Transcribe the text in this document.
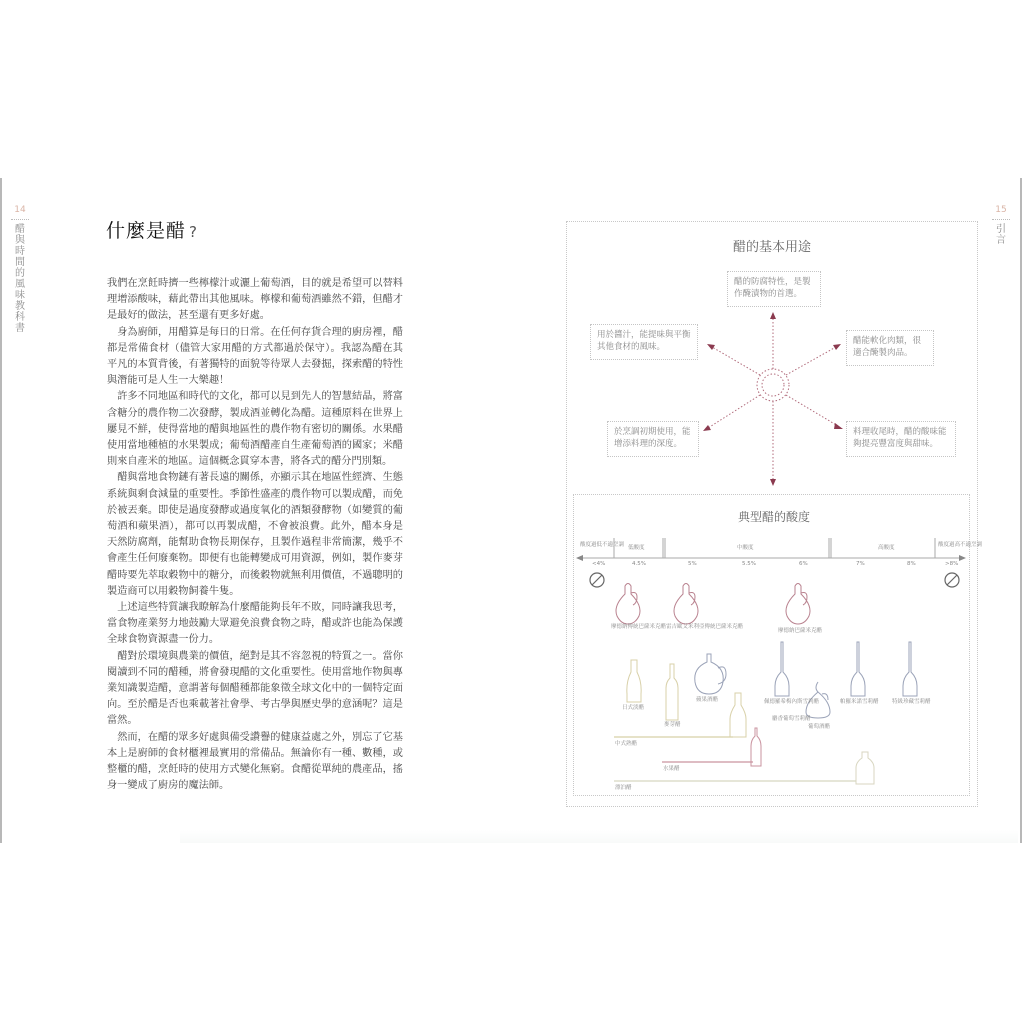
14
醋與時間的風味教科書
什麼是醋 ?

我們在烹飪時擠一些檸檬汁或灑上葡萄酒，目的就是希望可以替料理增添酸味，藉此帶出其他風味。檸檬和葡萄酒雖然不錯，但醋才是最好的做法，甚至還有更多好處。

身為廚師，用醋算是每日的日常。在任何存貨合理的廚房裡，醋都是常備食材（儘管大家用醋的方式都過於保守）。我認為醋在其平凡的本質背後，有著獨特的面貌等待眾人去發掘，探索醋的特性與潛能可是人生一大樂趣！

許多不同地區和時代的文化，都可以見到先人的智慧結晶，將富含糖分的農作物二次發酵，製成酒並轉化為醋。這種原料在世界上屢見不鮮，使得當地的醋與地區性的農作物有密切的關係。水果醋使用當地種植的水果製成；葡萄酒醋產自生產葡萄酒的國家；米醋則來自產米的地區。這個概念貫穿本書，將各式的醋分門別類。

醋與當地食物鏈有著長遠的關係，亦顯示其在地區性經濟、生態系統與剩食減量的重要性。季節性盛產的農作物可以製成醋，而免於被丟棄。即使是過度發酵或過度氧化的酒類發酵物（如變質的葡萄酒和蘋果酒），都可以再製成醋，不會被浪費。此外，醋本身是天然防腐劑，能幫助食物長期保存，且製作過程非常簡潔，幾乎不會產生任何廢棄物。即便有也能轉變成可用資源，例如，製作麥芽醋時要先萃取穀物中的糖分，而後穀物就無利用價值，不過聰明的製造商可以用穀物飼養牛隻。

上述這些特質讓我瞭解為什麼醋能夠長年不敗，同時讓我思考，當食物產業努力地鼓勵大眾避免浪費食物之時，醋或許也能為保護全球食物資源盡一份力。

醋對於環境與農業的價值，絕對是其不容忽視的特質之一。當你閱讀到不同的醋種，將會發現醋的文化重要性。使用當地作物與專業知識製造醋，意謂著每個醋種都能象徵全球文化中的一個特定面向。至於醋是否也乘載著社會學、考古學與歷史學的意涵呢？這是當然。

然而，在醋的眾多好處與備受讚譽的健康益處之外，別忘了它基本上是廚師的食材櫃裡最實用的常備品。無論你有一種、數種，或整櫃的醋，烹飪時的使用方式變化無窮。食醋從單純的農產品，搖身一變成了廚房的魔法師。

15
引言
醋的基本用途
醋的防腐特性，是製作醃漬物的首選。
用於醬汁，能提味與平衡其他食材的風味。
醋能軟化肉類，很適合醃製肉品。
於烹調初期使用，能增添料理的深度。
料理收尾時，醋的酸味能夠提亮豐富度與甜味。
典型醋的酸度
酸度過低不適烹調 低酸度	中酸度	高酸度	酸度過高不適烹調
<4%	4.5%	5%	5.5%	6%	7%	8%	>8%
摩德納傳統巴薩米克醋 雷吉歐艾米利亞傳統巴薩米克醋
摩德納巴薩米克醋
日式淡醋
麥芽醋
蘋果酒醋	佩德羅希梅內斯雪莉醋
麝香葡萄雪莉醋
葡萄酒醋
帕羅米諾雪莉醋 特級珍藏雪莉醋
中式熟醋
水果醋
漂泊醋
